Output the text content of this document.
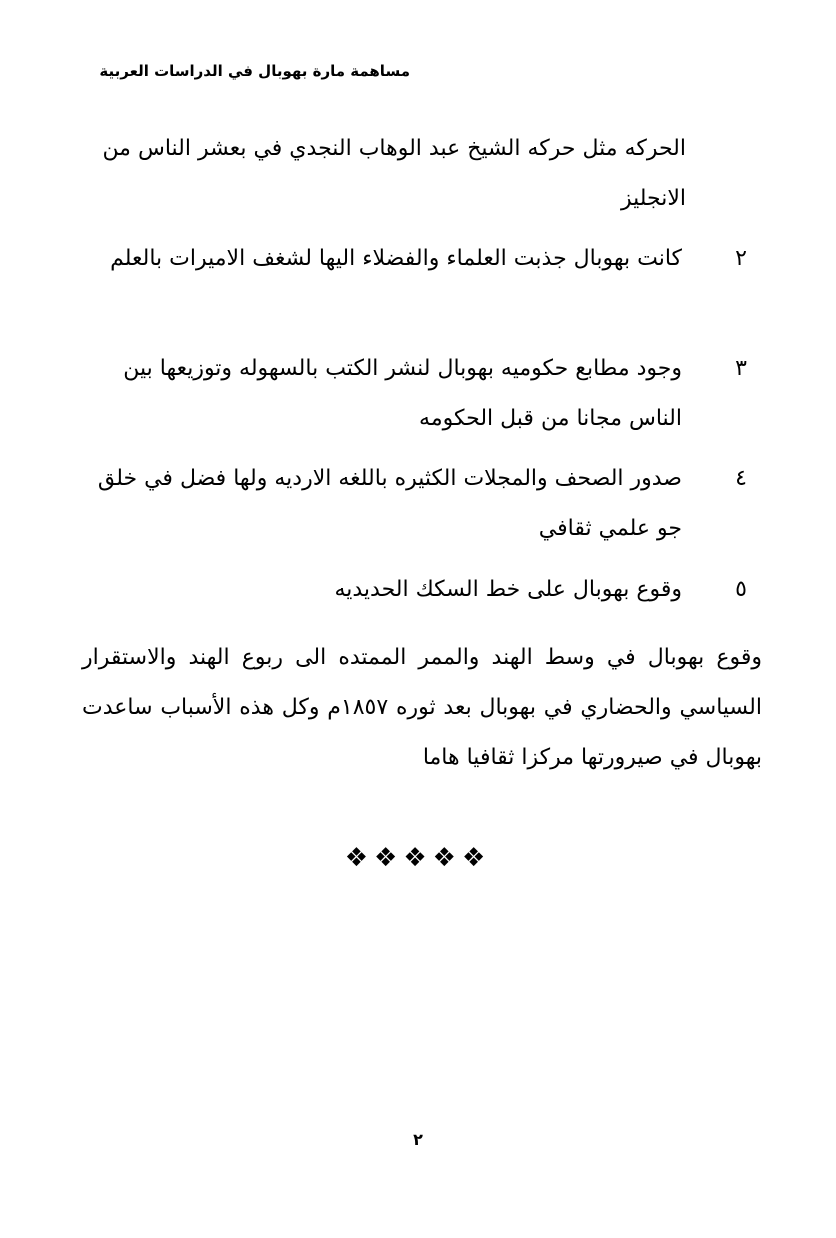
مساهمة مارة بهوبال في الدراسات العربية
الحركه مثل حركه الشيخ عبد الوهاب النجدي في بعشر الناس من الانجليز
٢
كانت بهوبال جذبت العلماء والفضلاء اليها لشغف الاميرات بالعلم
٣
وجود مطابع حكوميه بهوبال لنشر الكتب بالسهوله وتوزيعها بين الناس مجانا من قبل الحكومه
٤
صدور الصحف والمجلات الكثيره باللغه الارديه ولها فضل في خلق جو علمي ثقافي
٥
وقوع بهوبال على خط السكك الحديديه
وقوع بهوبال في وسط الهند والممر الممتده الى ربوع الهند والاستقرار السياسي والحضاري في بهوبال بعد ثوره ١٨٥٧م وكل هذه الأسباب ساعدت بهوبال في صيرورتها مركزا ثقافيا هاما
❖❖❖❖❖
٢
